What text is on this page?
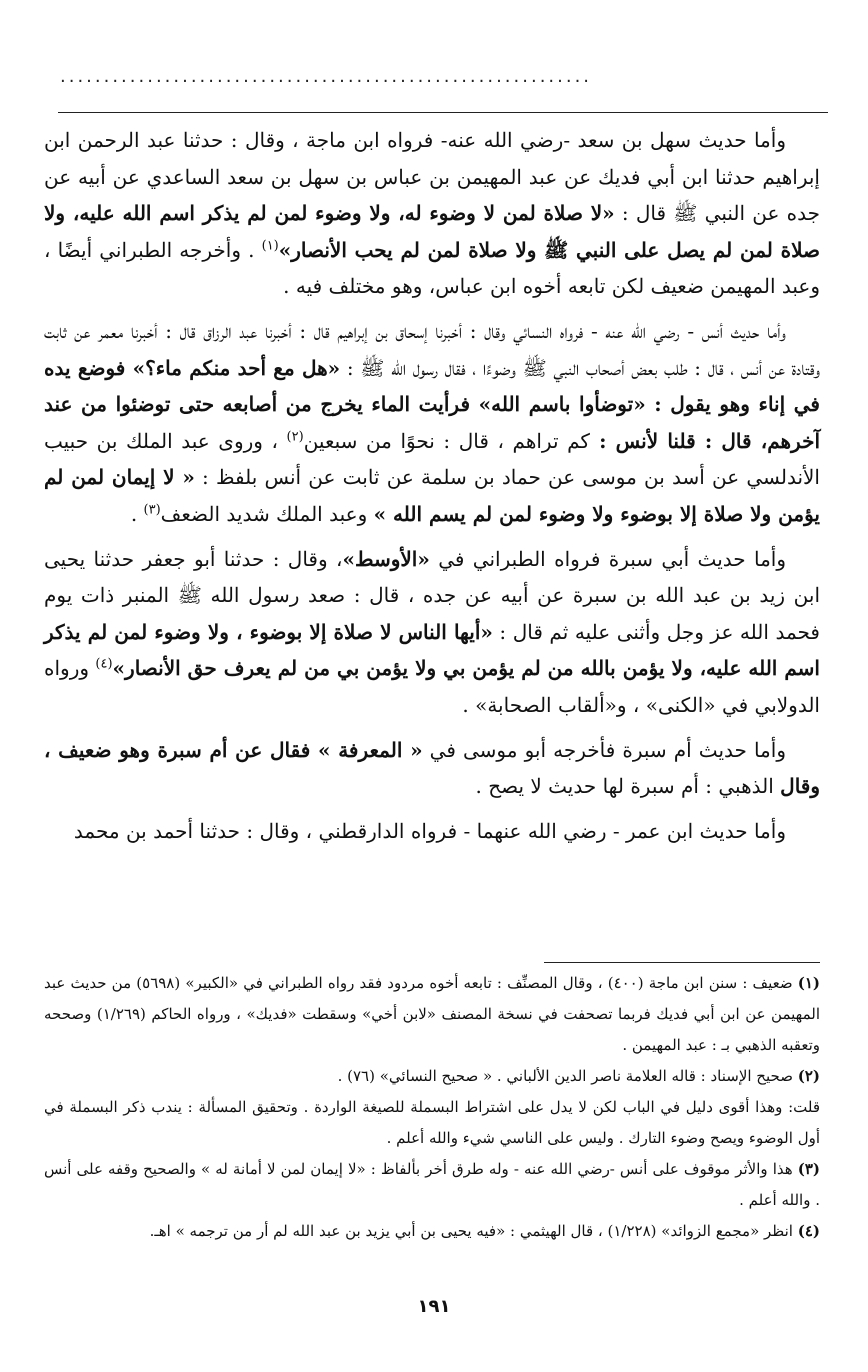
.............................................................

وأما حديث سهل بن سعد -رضي الله عنه- فرواه ابن ماجة ، وقال : حدثنا عبد الرحمن ابن إبراهيم حدثنا ابن أبي فديك عن عبد المهيمن بن عباس بن سهل بن سعد الساعدي عن أبيه عن جده عن النبي ﷺ قال : «لا صلاة لمن لا وضوء له، ولا وضوء لمن لم يذكر اسم الله عليه، ولا صلاة لمن لم يصل على النبي ﷺ ولا صلاة لمن لم يحب الأنصار»$^{(١)}$ . وأخرجه الطبراني أيضًا ، وعبد المهيمن ضعيف لكن تابعه أخوه ابن عباس، وهو مختلف فيه .

وأما حديث أنس - رضي الله عنه - فرواه النسائي وقال : أخبرنا إسحاق بن إبراهيم قال : أخبرنا عبد الرزاق قال : أخبرنا معمر عن ثابت وقتادة عن أنس ، قال : طلب بعض أصحاب النبي ﷺ وضوءًا ، فقال رسول الله ﷺ : «هل مع أحد منكم ماء؟» فوضع يده في إناء وهو يقول : «توضأوا باسم الله» فرأيت الماء يخرج من أصابعه حتى توضئوا من عند آخرهم، قال : قلنا لأنس : كم تراهم ، قال : نحوًا من سبعين$^{(٢)}$ ، وروى عبد الملك بن حبيب الأندلسي عن أسد بن موسى عن حماد بن سلمة عن ثابت عن أنس بلفظ : « لا إيمان لمن لم يؤمن ولا صلاة إلا بوضوء ولا وضوء لمن لم يسم الله » وعبد الملك شديد الضعف$^{(٣)}$ .

وأما حديث أبي سبرة فرواه الطبراني في «الأوسط»، وقال : حدثنا أبو جعفر حدثنا يحيى ابن زيد بن عبد الله بن سبرة عن أبيه عن جده ، قال : صعد رسول الله ﷺ المنبر ذات يوم فحمد الله عز وجل وأثنى عليه ثم قال : «أيها الناس لا صلاة إلا بوضوء ، ولا وضوء لمن لم يذكر اسم الله عليه، ولا يؤمن بالله من لم يؤمن بي ولا يؤمن بي من لم يعرف حق الأنصار»$^{(٤)}$ ورواه الدولابي في «الكنى» ، و«ألقاب الصحابة» .

وأما حديث أم سبرة فأخرجه أبو موسى في « المعرفة » فقال عن أم سبرة وهو ضعيف ، وقال الذهبي : أم سبرة لها حديث لا يصح .

وأما حديث ابن عمر - رضي الله عنهما - فرواه الدارقطني ، وقال : حدثنا أحمد بن محمد

(١) ضعيف : سنن ابن ماجة (٤٠٠) ، وقال المصنِّف : تابعه أخوه مردود فقد رواه الطبراني في «الكبير» (٥٦٩٨) من حديث عبد المهيمن عن ابن أبي فديك فربما تصحفت في نسخة المصنف «لابن أخي» وسقطت «فديك» ، ورواه الحاكم (١/٢٦٩) وصححه وتعقبه الذهبي بـ : عبد المهيمن .

(٢) صحيح الإسناد : قاله العلامة ناصر الدين الألباني . « صحيح النسائي» (٧٦) .

قلت: وهذا أقوى دليل في الباب لكن لا يدل على اشتراط البسملة للصيغة الواردة . وتحقيق المسألة : يندب ذكر البسملة في أول الوضوء ويصح وضوء التارك . وليس على الناسي شيء والله أعلم .

(٣) هذا والأثر موقوف على أنس -رضي الله عنه - وله طرق أخر بألفاظ : «لا إيمان لمن لا أمانة له » والصحيح وقفه على أنس . والله أعلم .

(٤) انظر «مجمع الزوائد» (١/٢٢٨) ، قال الهيثمي : «فيه يحيى بن أبي يزيد بن عبد الله لم أر من ترجمه » اهـ.

١٩١
